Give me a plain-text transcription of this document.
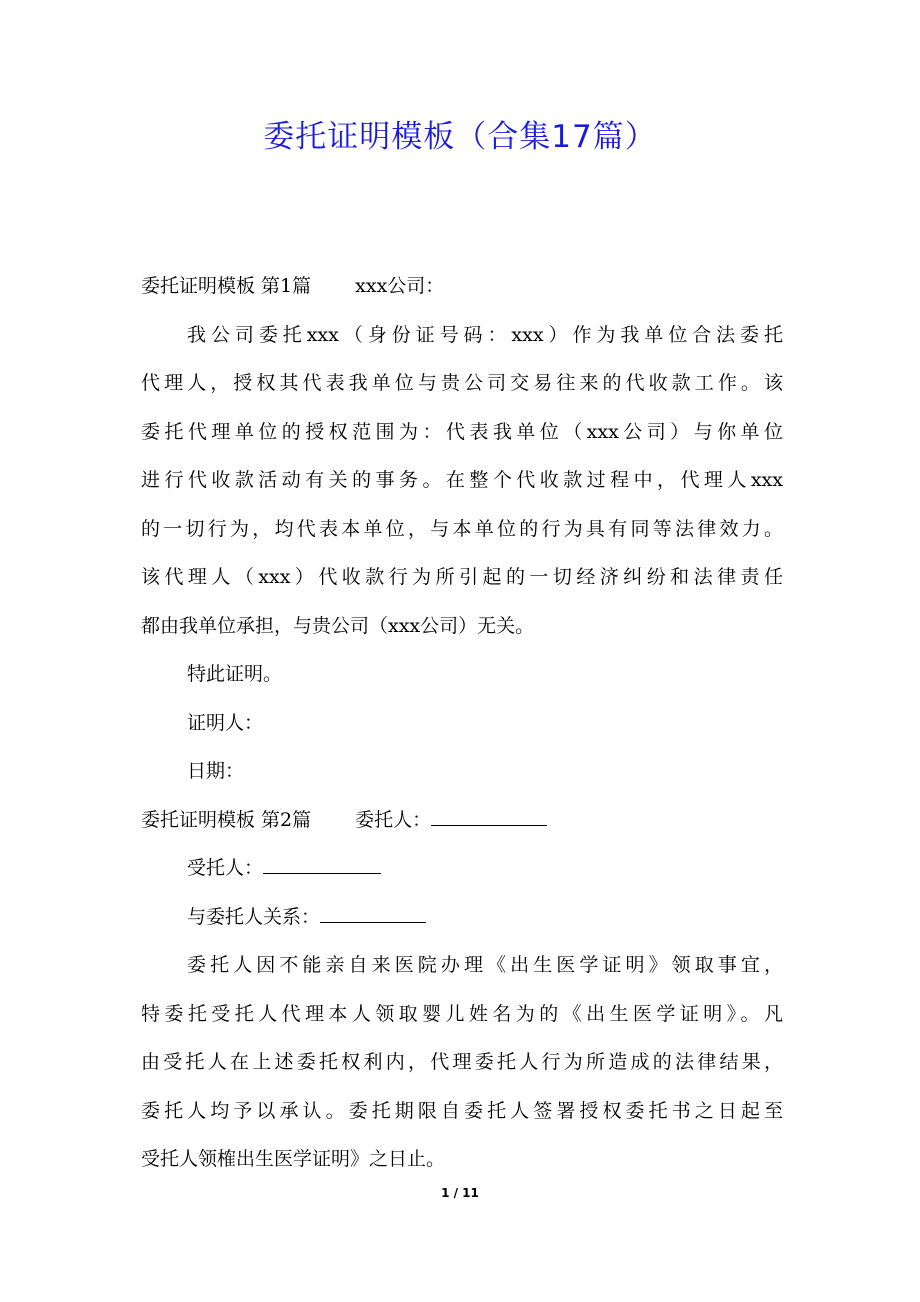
委托证明模板（合集17篇）
委托证明模板 第1篇 xxx公司：
我公司委托xxx（身份证号码：xxx）作为我单位合法委托
代理人，授权其代表我单位与贵公司交易往来的代收款工作。该
委托代理单位的授权范围为：代表我单位（xxx公司）与你单位
进行代收款活动有关的事务。在整个代收款过程中，代理人xxx
的一切行为，均代表本单位，与本单位的行为具有同等法律效力。
该代理人（xxx）代收款行为所引起的一切经济纠纷和法律责任
都由我单位承担，与贵公司（xxx公司）无关。
特此证明。
证明人：
日期：
委托证明模板 第2篇 委托人：
受托人：
与委托人关系：
委托人因不能亲自来医院办理《出生医学证明》领取事宜，
特委托受托人代理本人领取婴儿姓名为的《出生医学证明》。凡
由受托人在上述委托权利内，代理委托人行为所造成的法律结果，
委托人均予以承认。委托期限自委托人签署授权委托书之日起至
受托人领榷出生医学证明》之日止。
1 / 11
